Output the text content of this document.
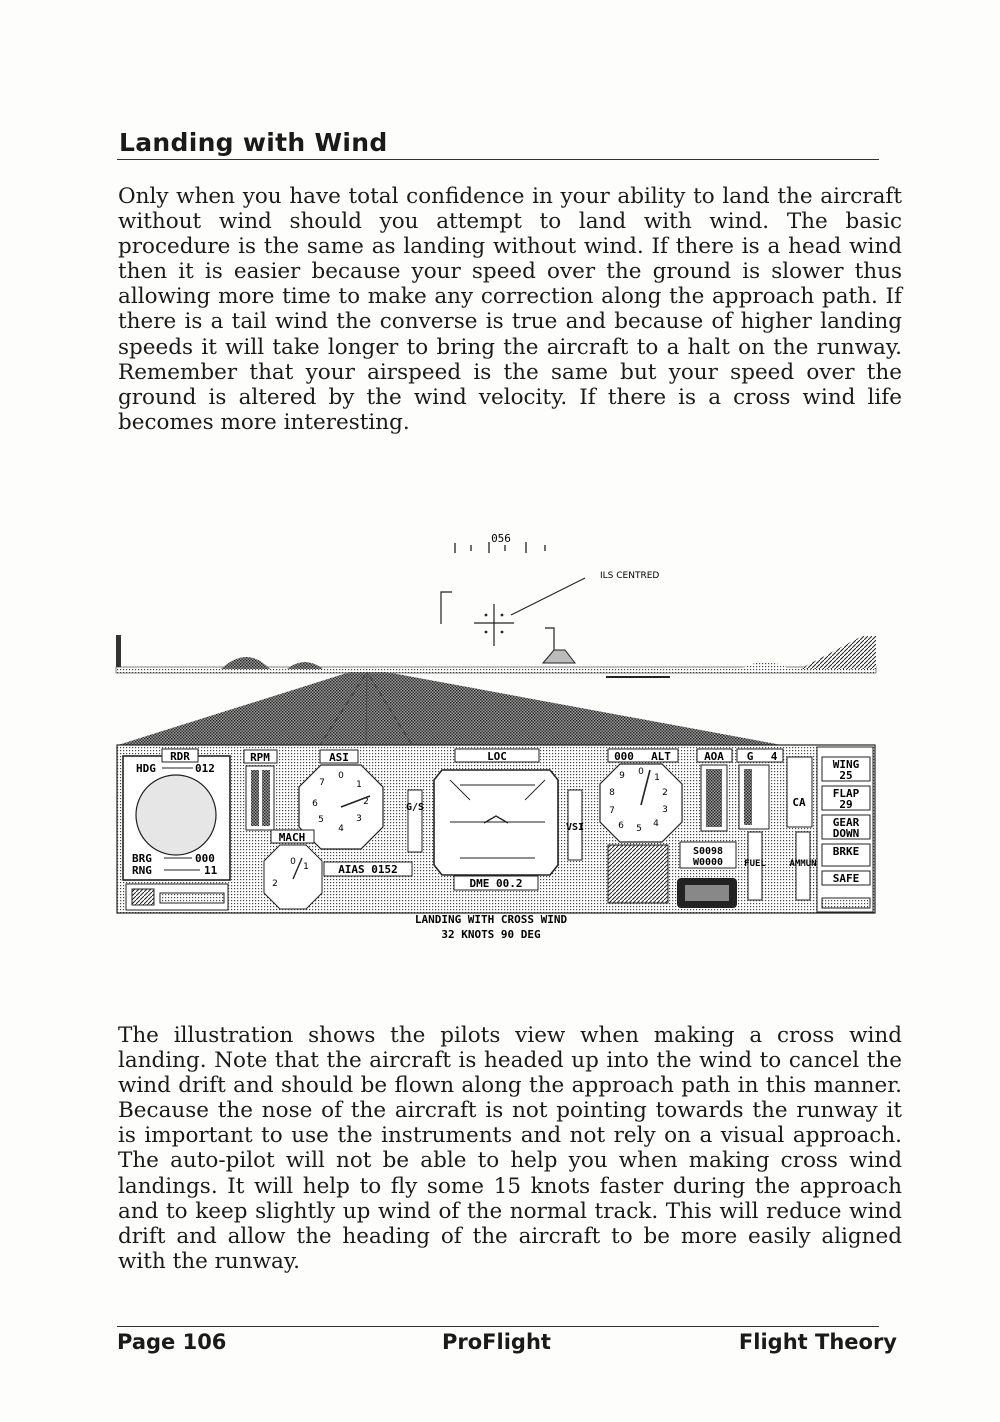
Landing with Wind

Only when you have total confidence in your ability to land the aircraft without wind should you attempt to land with wind. The basic procedure is the same as landing without wind. If there is a head wind then it is easier because your speed over the ground is slower thus allowing more time to make any correction along the approach path. If there is a tail wind the converse is true and because of higher landing speeds it will take longer to bring the aircraft to a halt on the runway. Remember that your airspeed is the same but your speed over the ground is altered by the wind velocity. If there is a cross wind life becomes more interesting.

056
ILS CENTRED
RDR
HDG	012
BRG	000
RNG	11
RPM	ASI
7
0
1
6	2
5
4
3
MACH
0 1
2
AIAS 0152
G/S
LOC
DME 00.2
VSI
000 ALT
9 0
1
8	2
7	3
6 5 4
S0098
W0000
AOA G 4
CA
FUEL	AMMUN
WING
25
FLAP
29
GEAR
DOWN
BRKE
SAFE
LANDING WITH CROSS WIND
32 KNOTS 90 DEG

The illustration shows the pilots view when making a cross wind landing. Note that the aircraft is headed up into the wind to cancel the wind drift and should be flown along the approach path in this manner. Because the nose of the aircraft is not pointing towards the runway it is important to use the instruments and not rely on a visual approach. The auto-pilot will not be able to help you when making cross wind landings. It will help to fly some 15 knots faster during the approach and to keep slightly up wind of the normal track. This will reduce wind drift and allow the heading of the aircraft to be more easily aligned with the runway.

Page 106	ProFlight	Flight Theory
